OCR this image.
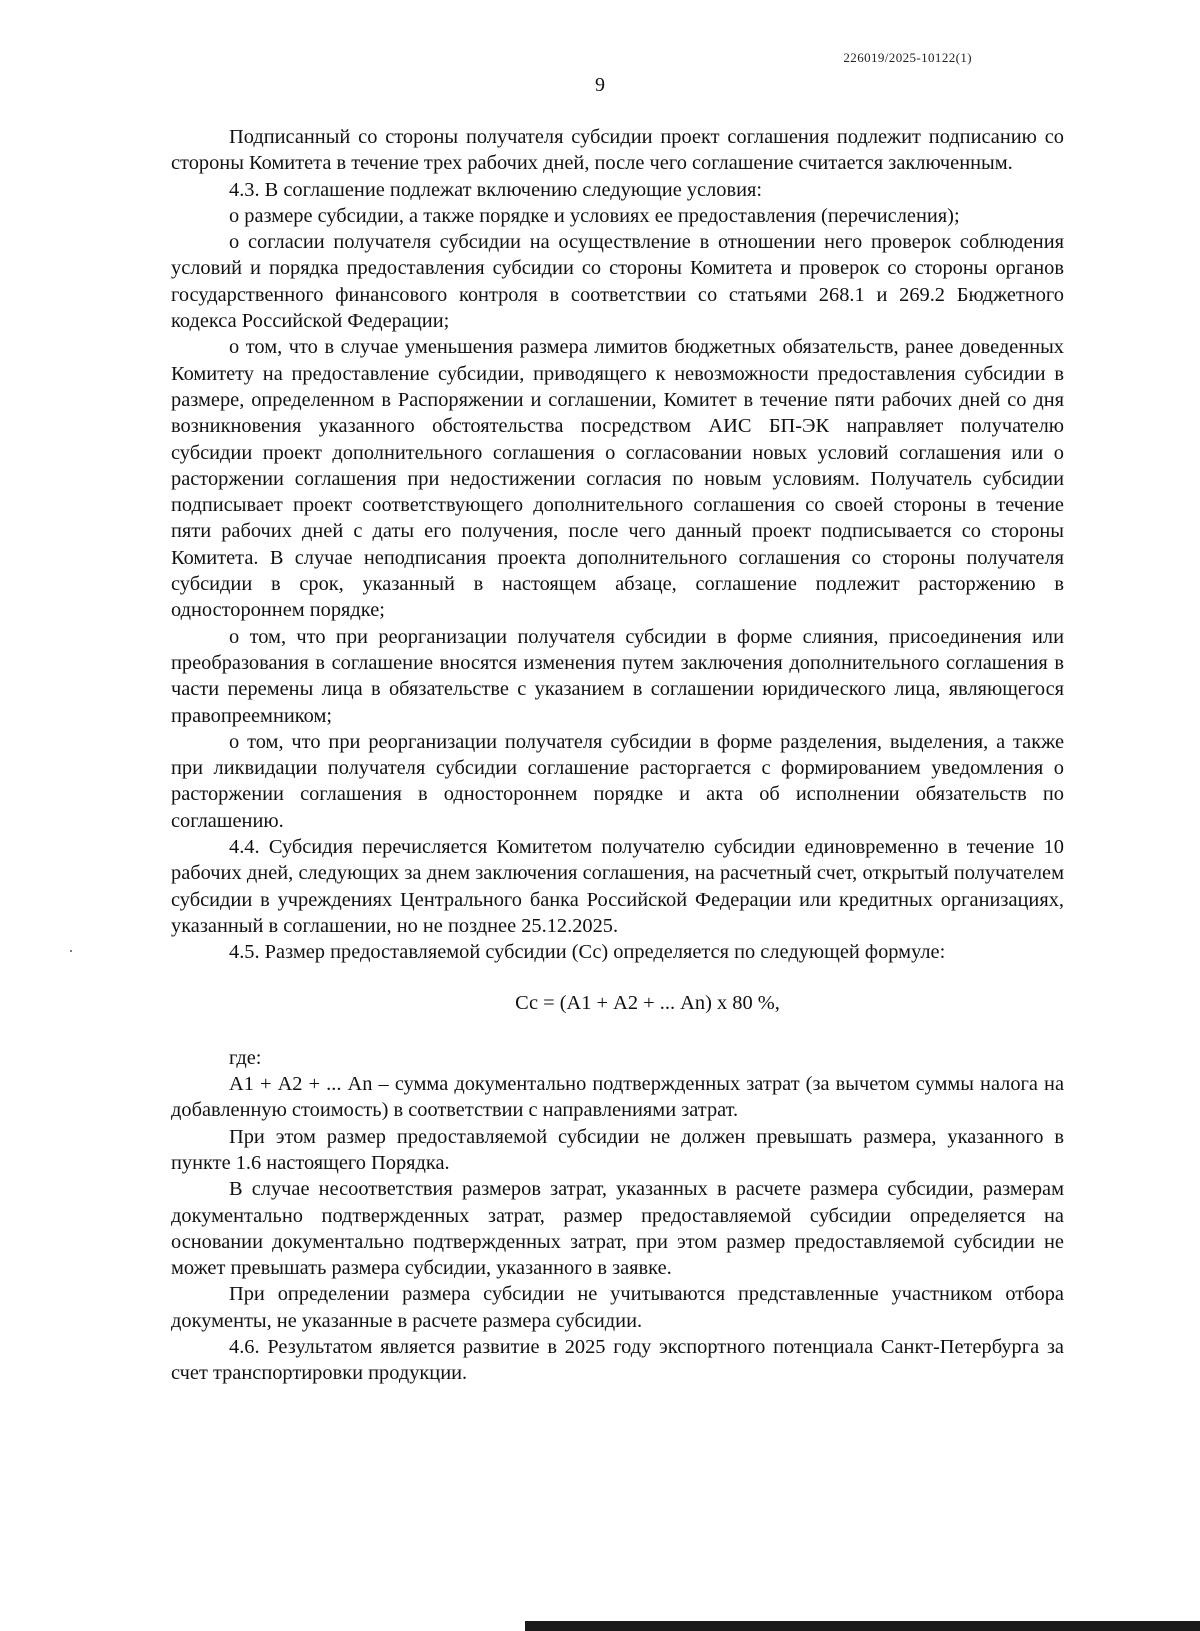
226019/2025-10122(1)
9

Подписанный со стороны получателя субсидии проект соглашения подлежит подписанию со стороны Комитета в течение трех рабочих дней, после чего соглашение считается заключенным.

4.3. В соглашение подлежат включению следующие условия:

о размере субсидии, а также порядке и условиях ее предоставления (перечисления);

о согласии получателя субсидии на осуществление в отношении него проверок соблюдения условий и порядка предоставления субсидии со стороны Комитета и проверок со стороны органов государственного финансового контроля в соответствии со статьями 268.1 и 269.2 Бюджетного кодекса Российской Федерации;

о том, что в случае уменьшения размера лимитов бюджетных обязательств, ранее доведенных Комитету на предоставление субсидии, приводящего к невозможности предоставления субсидии в размере, определенном в Распоряжении и соглашении, Комитет в течение пяти рабочих дней со дня возникновения указанного обстоятельства посредством АИС БП-ЭК направляет получателю субсидии проект дополнительного соглашения о согласовании новых условий соглашения или о расторжении соглашения при недостижении согласия по новым условиям. Получатель субсидии подписывает проект соответствующего дополнительного соглашения со своей стороны в течение пяти рабочих дней с даты его получения, после чего данный проект подписывается со стороны Комитета. В случае неподписания проекта дополнительного соглашения со стороны получателя субсидии в срок, указанный в настоящем абзаце, соглашение подлежит расторжению в одностороннем порядке;

о том, что при реорганизации получателя субсидии в форме слияния, присоединения или преобразования в соглашение вносятся изменения путем заключения дополнительного соглашения в части перемены лица в обязательстве с указанием в соглашении юридического лица, являющегося правопреемником;

о том, что при реорганизации получателя субсидии в форме разделения, выделения, а также при ликвидации получателя субсидии соглашение расторгается с формированием уведомления о расторжении соглашения в одностороннем порядке и акта об исполнении обязательств по соглашению.

4.4. Субсидия перечисляется Комитетом получателю субсидии единовременно в течение 10 рабочих дней, следующих за днем заключения соглашения, на расчетный счет, открытый получателем субсидии в учреждениях Центрального банка Российской Федерации или кредитных организациях, указанный в соглашении, но не позднее 25.12.2025.

4.5. Размер предоставляемой субсидии (Сс) определяется по следующей формуле:

Сс = (А1 + А2 + ... Аn) х 80 %,

где:

А1 + А2 + ... Аn – сумма документально подтвержденных затрат (за вычетом суммы налога на добавленную стоимость) в соответствии с направлениями затрат.

При этом размер предоставляемой субсидии не должен превышать размера, указанного в пункте 1.6 настоящего Порядка.

В случае несоответствия размеров затрат, указанных в расчете размера субсидии, размерам документально подтвержденных затрат, размер предоставляемой субсидии определяется на основании документально подтвержденных затрат, при этом размер предоставляемой субсидии не может превышать размера субсидии, указанного в заявке.

При определении размера субсидии не учитываются представленные участником отбора документы, не указанные в расчете размера субсидии.

4.6. Результатом является развитие в 2025 году экспортного потенциала Санкт-Петербурга за счет транспортировки продукции.
